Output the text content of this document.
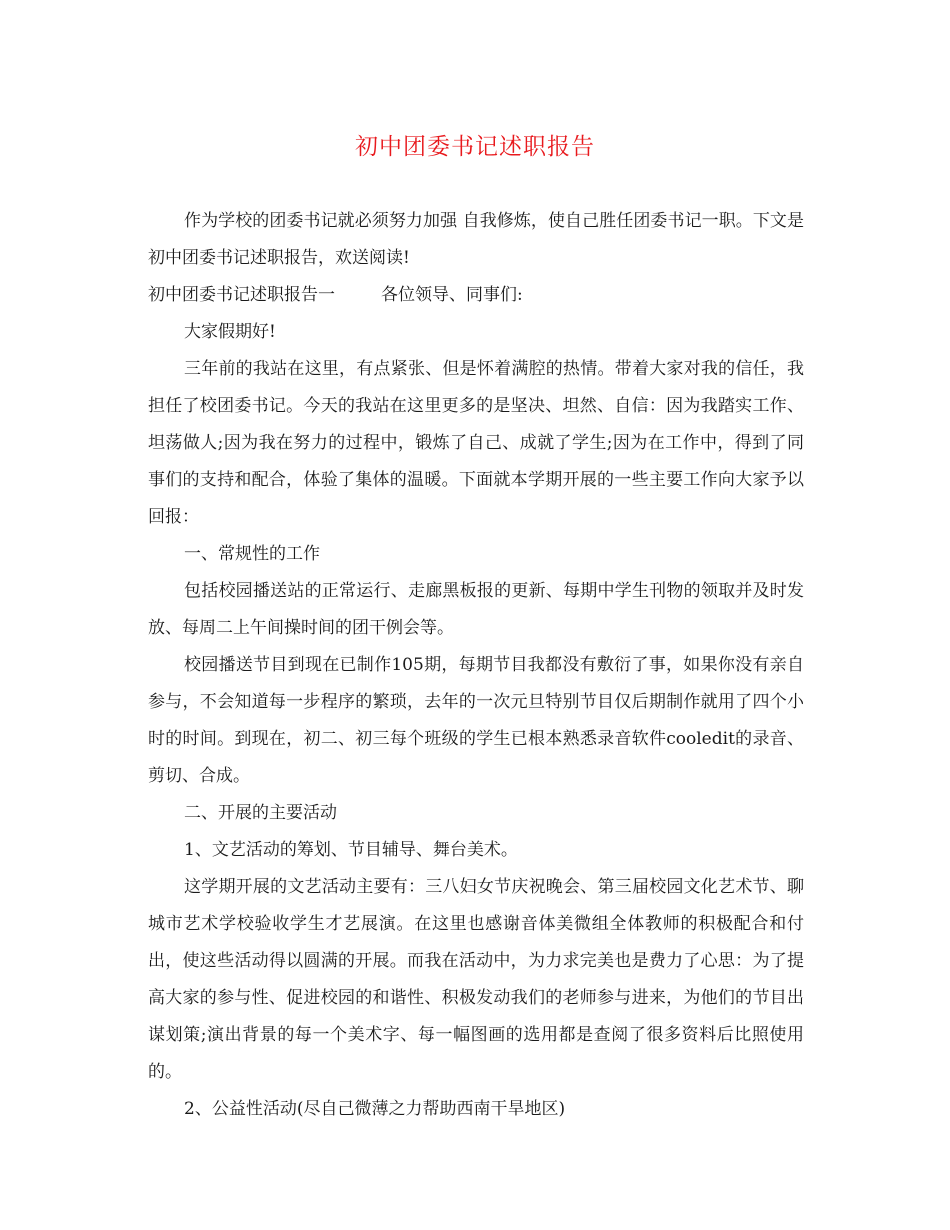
初中团委书记述职报告

作为学校的团委书记就必须努力加强 自我修炼，使自己胜任团委书记一职。下文是初中团委书记述职报告，欢送阅读!

初中团委书记述职报告一	各位领导、同事们:

大家假期好!

三年前的我站在这里，有点紧张、但是怀着满腔的热情。带着大家对我的信任，我担任了校团委书记。今天的我站在这里更多的是坚决、坦然、自信：因为我踏实工作、坦荡做人;因为我在努力的过程中，锻炼了自己、成就了学生;因为在工作中，得到了同事们的支持和配合，体验了集体的温暖。下面就本学期开展的一些主要工作向大家予以回报：

一、常规性的工作

包括校园播送站的正常运行、走廊黑板报的更新、每期中学生刊物的领取并及时发放、每周二上午间操时间的团干例会等。

校园播送节目到现在已制作105期，每期节目我都没有敷衍了事，如果你没有亲自参与，不会知道每一步程序的繁琐，去年的一次元旦特别节目仅后期制作就用了四个小时的时间。到现在，初二、初三每个班级的学生已根本熟悉录音软件cooledit的录音、剪切、合成。

二、开展的主要活动

1、文艺活动的筹划、节目辅导、舞台美术。

这学期开展的文艺活动主要有：三八妇女节庆祝晚会、第三届校园文化艺术节、聊城市艺术学校验收学生才艺展演。在这里也感谢音体美微组全体教师的积极配合和付出，使这些活动得以圆满的开展。而我在活动中，为力求完美也是费力了心思：为了提高大家的参与性、促进校园的和谐性、积极发动我们的老师参与进来，为他们的节目出谋划策;演出背景的每一个美术字、每一幅图画的选用都是查阅了很多资料后比照使用的。

2、公益性活动(尽自己微薄之力帮助西南干旱地区)
